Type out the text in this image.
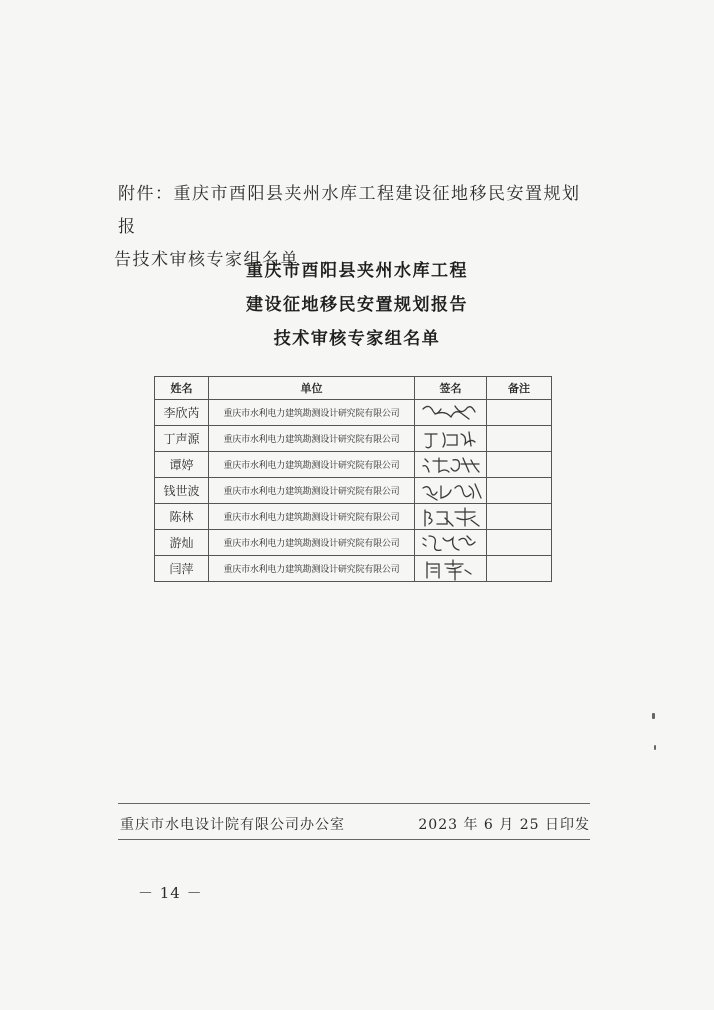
附件：重庆市酉阳县夹州水库工程建设征地移民安置规划报
告技术审核专家组名单

重庆市酉阳县夹州水库工程
建设征地移民安置规划报告
技术审核专家组名单
姓名	单位	签名	备注
李欣芮	重庆市水利电力建筑勘测设计研究院有限公司	

丁声源	重庆市水利电力建筑勘测设计研究院有限公司	

谭婷	重庆市水利电力建筑勘测设计研究院有限公司	

钱世波	重庆市水利电力建筑勘测设计研究院有限公司	

陈林	重庆市水利电力建筑勘测设计研究院有限公司	

游灿	重庆市水利电力建筑勘测设计研究院有限公司	

闫萍	重庆市水利电力建筑勘测设计研究院有限公司	

重庆市水电设计院有限公司办公室	2023 年 6 月 25 日印发
－ 14 －
